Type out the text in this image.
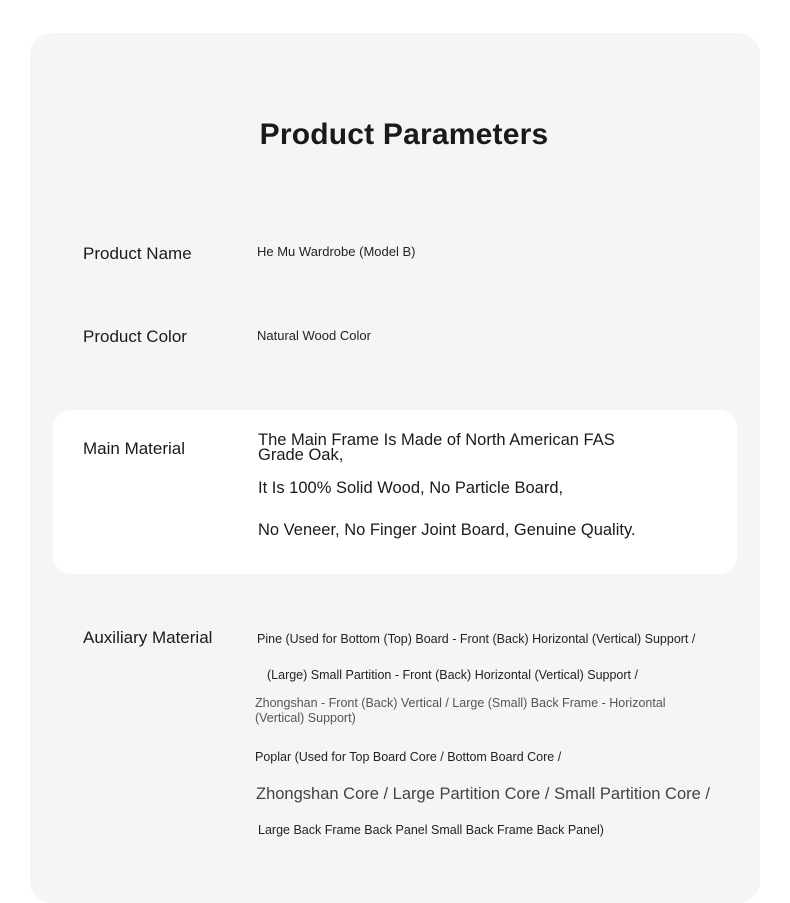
Product Parameters
Product Name	He Mu Wardrobe (Model B)
Product Color	Natural Wood Color
Main Material	The Main Frame Is Made of North American FAS
Grade Oak,
It Is 100% Solid Wood, No Particle Board,
No Veneer, No Finger Joint Board, Genuine Quality.
Auxiliary Material	Pine (Used for Bottom (Top) Board - Front (Back) Horizontal (Vertical) Support /
(Large) Small Partition - Front (Back) Horizontal (Vertical) Support /
Zhongshan - Front (Back) Vertical / Large (Small) Back Frame - Horizontal
(Vertical) Support)
Poplar (Used for Top Board Core / Bottom Board Core /
Zhongshan Core / Large Partition Core / Small Partition Core /
Large Back Frame Back Panel Small Back Frame Back Panel)
